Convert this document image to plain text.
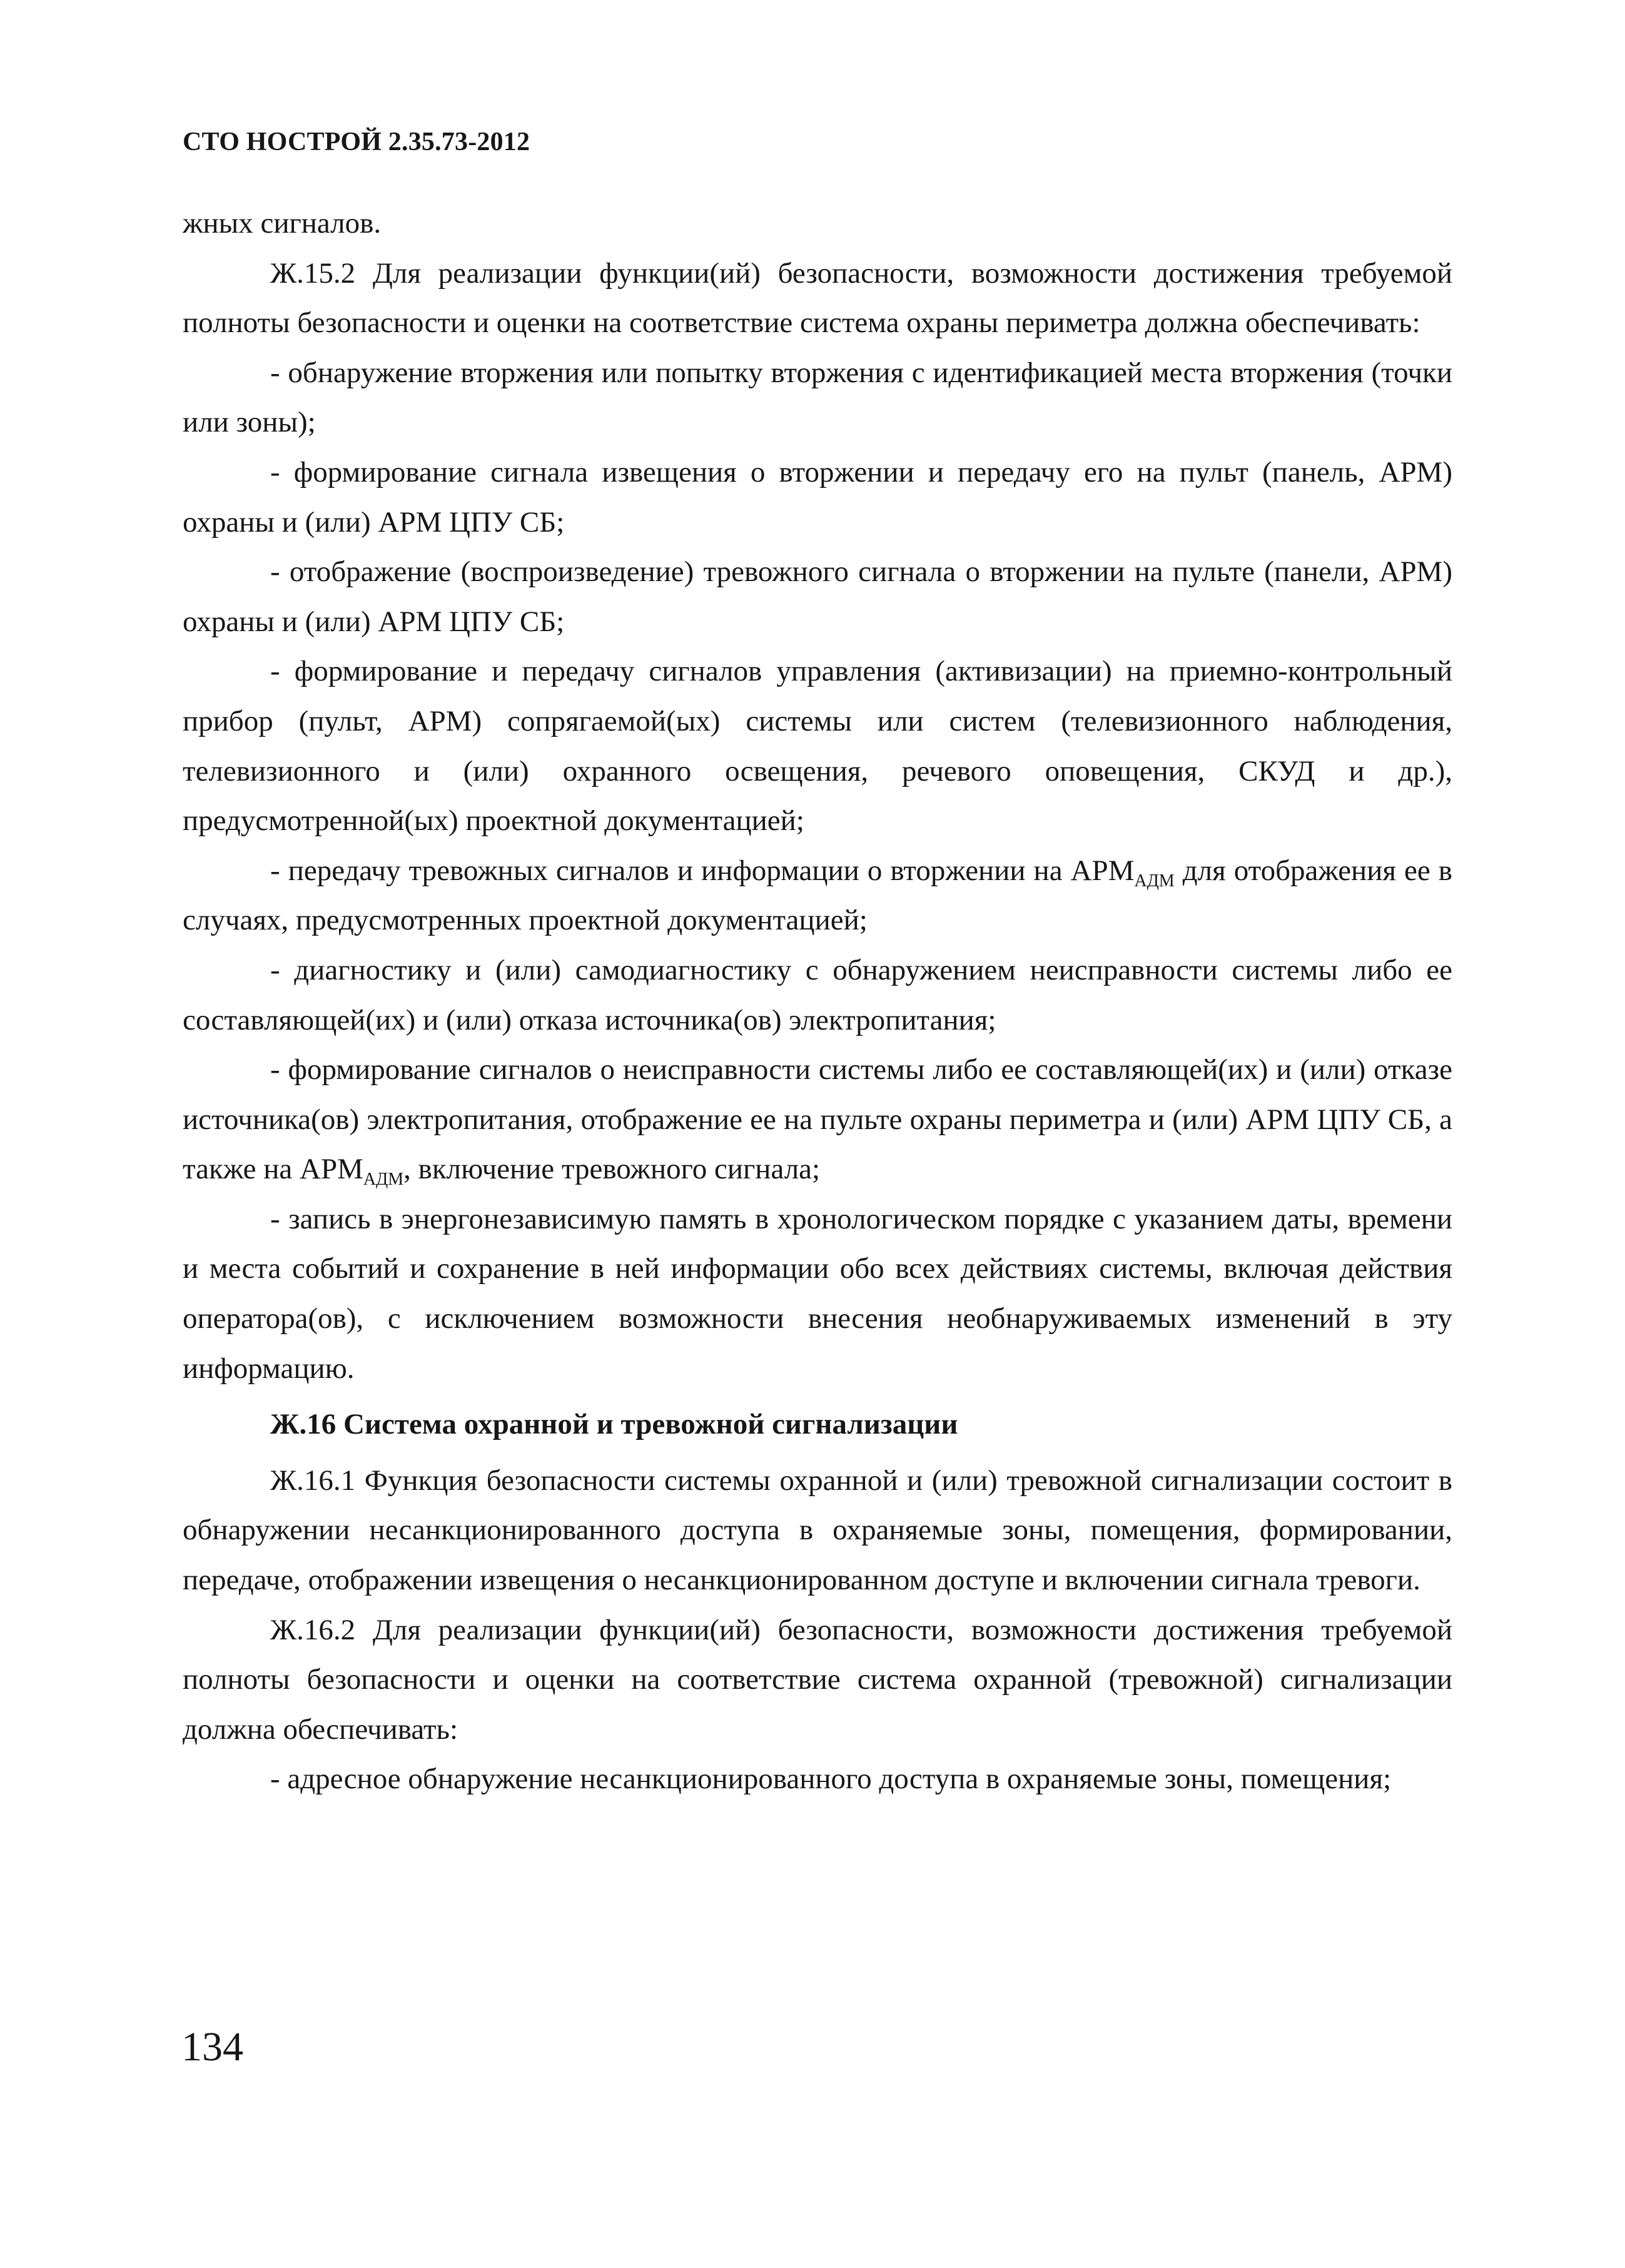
СТО НОСТРОЙ 2.35.73-2012

жных сигналов.

Ж.15.2 Для реализации функции(ий) безопасности, возможности достижения требуемой полноты безопасности и оценки на соответствие система охраны периметра должна обеспечивать:

- обнаружение вторжения или попытку вторжения с идентификацией места вторжения (точки или зоны);

- формирование сигнала извещения о вторжении и передачу его на пульт (панель, АРМ) охраны и (или) АРМ ЦПУ СБ;

- отображение (воспроизведение) тревожного сигнала о вторжении на пульте (панели, АРМ) охраны и (или) АРМ ЦПУ СБ;

- формирование и передачу сигналов управления (активизации) на приемно-контрольный прибор (пульт, АРМ) сопрягаемой(ых) системы или систем (телевизионного наблюдения, телевизионного и (или) охранного освещения, речевого оповещения, СКУД и др.), предусмотренной(ых) проектной документацией;

- передачу тревожных сигналов и информации о вторжении на $АРМ_{АДМ}$ для отображения ее в случаях, предусмотренных проектной документацией;

- диагностику и (или) самодиагностику с обнаружением неисправности системы либо ее составляющей(их) и (или) отказа источника(ов) электропитания;

- формирование сигналов о неисправности системы либо ее составляющей(их) и (или) отказе источника(ов) электропитания, отображение ее на пульте охраны периметра и (или) АРМ ЦПУ СБ, а также на $АРМ_{АДМ}$, включение тревожного сигнала;

- запись в энергонезависимую память в хронологическом порядке с указанием даты, времени и места событий и сохранение в ней информации обо всех действиях системы, включая действия оператора(ов), с исключением возможности внесения необнаруживаемых изменений в эту информацию.

Ж.16 Система охранной и тревожной сигнализации

Ж.16.1 Функция безопасности системы охранной и (или) тревожной сигнализации состоит в обнаружении несанкционированного доступа в охраняемые зоны, помещения, формировании, передаче, отображении извещения о несанкционированном доступе и включении сигнала тревоги.

Ж.16.2 Для реализации функции(ий) безопасности, возможности достижения требуемой полноты безопасности и оценки на соответствие система охранной (тревожной) сигнализации должна обеспечивать:

- адресное обнаружение несанкционированного доступа в охраняемые зоны, помещения;

134
